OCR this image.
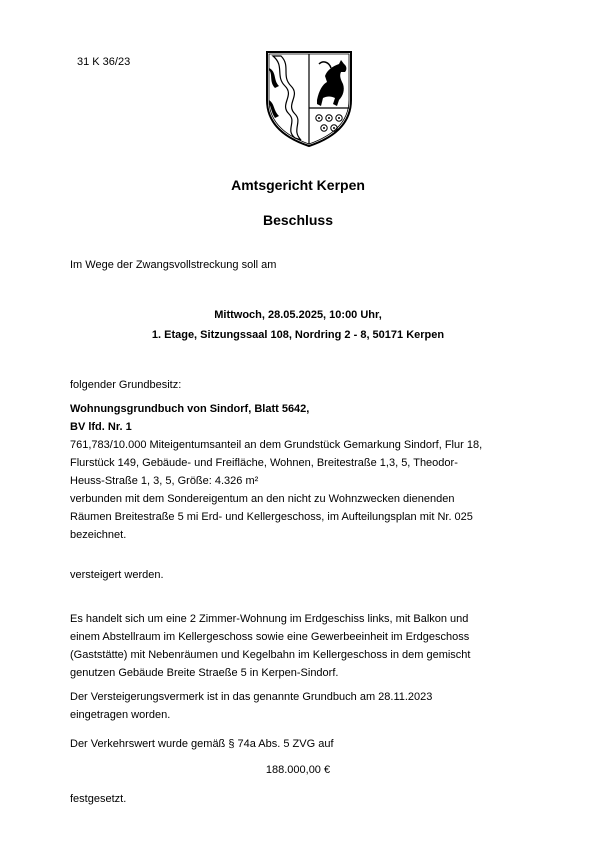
31 K 36/23
Amtsgericht Kerpen
Beschluss
Im Wege der Zwangsvollstreckung soll am
Mittwoch, 28.05.2025, 10:00 Uhr,
1. Etage, Sitzungssaal 108, Nordring 2 - 8, 50171 Kerpen
folgender Grundbesitz:
Wohnungsgrundbuch von Sindorf, Blatt 5642,
BV lfd. Nr. 1
761,783/10.000 Miteigentumsanteil an dem Grundstück Gemarkung Sindorf, Flur 18,
Flurstück 149, Gebäude- und Freifläche, Wohnen, Breitestraße 1,3, 5, Theodor-
Heuss-Straße 1, 3, 5, Größe: 4.326 m²
verbunden mit dem Sondereigentum an den nicht zu Wohnzwecken dienenden
Räumen Breitestraße 5 mi Erd- und Kellergeschoss, im Aufteilungsplan mit Nr. 025
bezeichnet.
versteigert werden.
Es handelt sich um eine 2 Zimmer-Wohnung im Erdgeschiss links, mit Balkon und
einem Abstellraum im Kellergeschoss sowie eine Gewerbeeinheit im Erdgeschoss
(Gaststätte) mit Nebenräumen und Kegelbahn im Kellergeschoss in dem gemischt
genutzen Gebäude Breite Straeße 5 in Kerpen-Sindorf.
Der Versteigerungsvermerk ist in das genannte Grundbuch am 28.11.2023
eingetragen worden.
Der Verkehrswert wurde gemäß § 74a Abs. 5 ZVG auf
188.000,00 €
festgesetzt.
